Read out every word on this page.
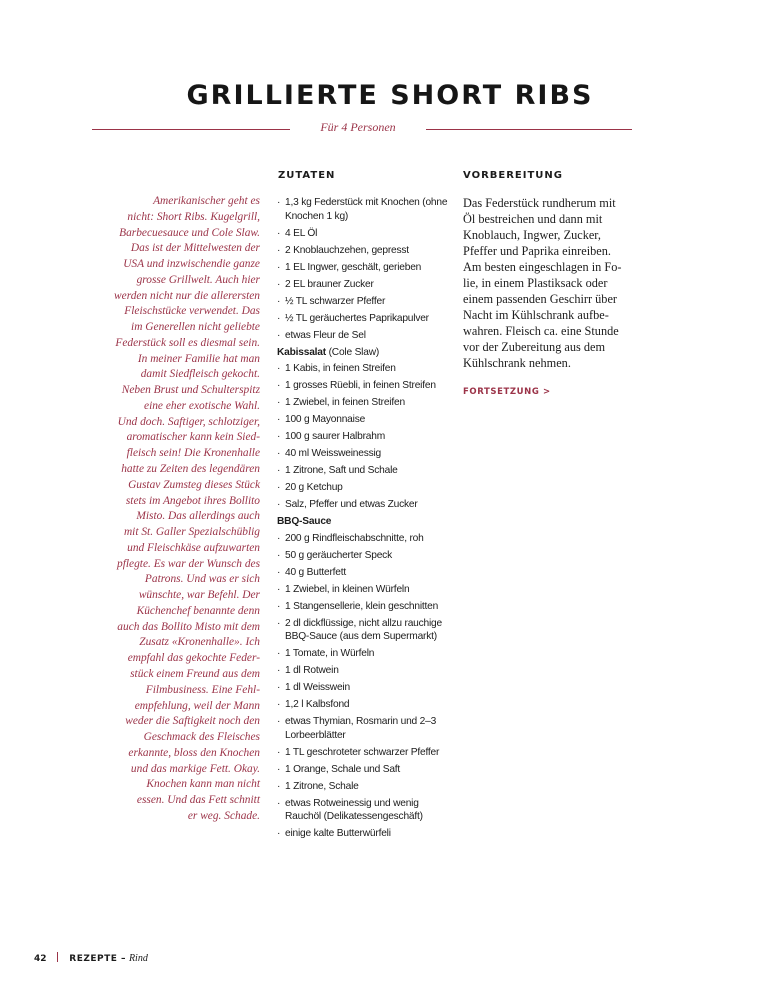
GRILLIERTE SHORT RIBS
Für 4 Personen
Amerikanischer geht es
nicht: Short Ribs. Kugelgrill,
Barbecuesauce und Cole Slaw.
Das ist der Mittelwesten der
USA und inzwischendie ganze
grosse Grillwelt. Auch hier
werden nicht nur die allerersten
Fleischstücke verwendet. Das
im Generellen nicht geliebte
Federstück soll es diesmal sein.
In meiner Familie hat man
damit Siedfleisch gekocht.
Neben Brust und Schulterspitz
eine eher exotische Wahl.
Und doch. Saftiger, schlotziger,
aromatischer kann kein Sied-
fleisch sein! Die Kronenhalle
hatte zu Zeiten des legendären
Gustav Zumsteg dieses Stück
stets im Angebot ihres Bollito
Misto. Das allerdings auch
mit St. Galler Spezialschüblig
und Fleischkäse aufzuwarten
pflegte. Es war der Wunsch des
Patrons. Und was er sich
wünschte, war Befehl. Der
Küchenchef benannte denn
auch das Bollito Misto mit dem
Zusatz «Kronenhalle». Ich
empfahl das gekochte Feder-
stück einem Freund aus dem
Filmbusiness. Eine Fehl-
empfehlung, weil der Mann
weder die Saftigkeit noch den
Geschmack des Fleisches
erkannte, bloss den Knochen
und das markige Fett. Okay.
Knochen kann man nicht
essen. Und das Fett schnitt
er weg. Schade.
ZUTATEN
· 1,3 kg Federstück mit Knochen (ohne Knochen 1 kg)
· 4 EL Öl
· 2 Knoblauchzehen, gepresst
· 1 EL Ingwer, geschält, gerieben
· 2 EL brauner Zucker
· ½ TL schwarzer Pfeffer
· ½ TL geräuchertes Paprikapulver
· etwas Fleur de Sel
Kabissalat (Cole Slaw)
· 1 Kabis, in feinen Streifen
· 1 grosses Rüebli, in feinen Streifen
· 1 Zwiebel, in feinen Streifen
· 100 g Mayonnaise
· 100 g saurer Halbrahm
· 40 ml Weissweinessig
· 1 Zitrone, Saft und Schale
· 20 g Ketchup
· Salz, Pfeffer und etwas Zucker
BBQ-Sauce
· 200 g Rindfleischabschnitte, roh
· 50 g geräucherter Speck
· 40 g Butterfett
· 1 Zwiebel, in kleinen Würfeln
· 1 Stangensellerie, klein geschnitten
· 2 dl dickflüssige, nicht allzu rauchige BBQ-Sauce (aus dem Supermarkt)
· 1 Tomate, in Würfeln
· 1 dl Rotwein
· 1 dl Weisswein
· 1,2 l Kalbsfond
· etwas Thymian, Rosmarin und 2–3 Lorbeerblätter
· 1 TL geschroteter schwarzer Pfeffer
· 1 Orange, Schale und Saft
· 1 Zitrone, Schale
· etwas Rotweinessig und wenig Rauchöl (Delikatessengeschäft)
· einige kalte Butterwürfeli
VORBEREITUNG
Das Federstück rundherum mit
Öl bestreichen und dann mit
Knoblauch, Ingwer, Zucker,
Pfeffer und Paprika einreiben.
Am besten eingeschlagen in Fo-
lie, in einem Plastiksack oder
einem passenden Geschirr über
Nacht im Kühlschrank aufbe-
wahren. Fleisch ca. eine Stunde
vor der Zubereitung aus dem
Kühlschrank nehmen.
FORTSETZUNG >
42	REZEPTE – Rind
